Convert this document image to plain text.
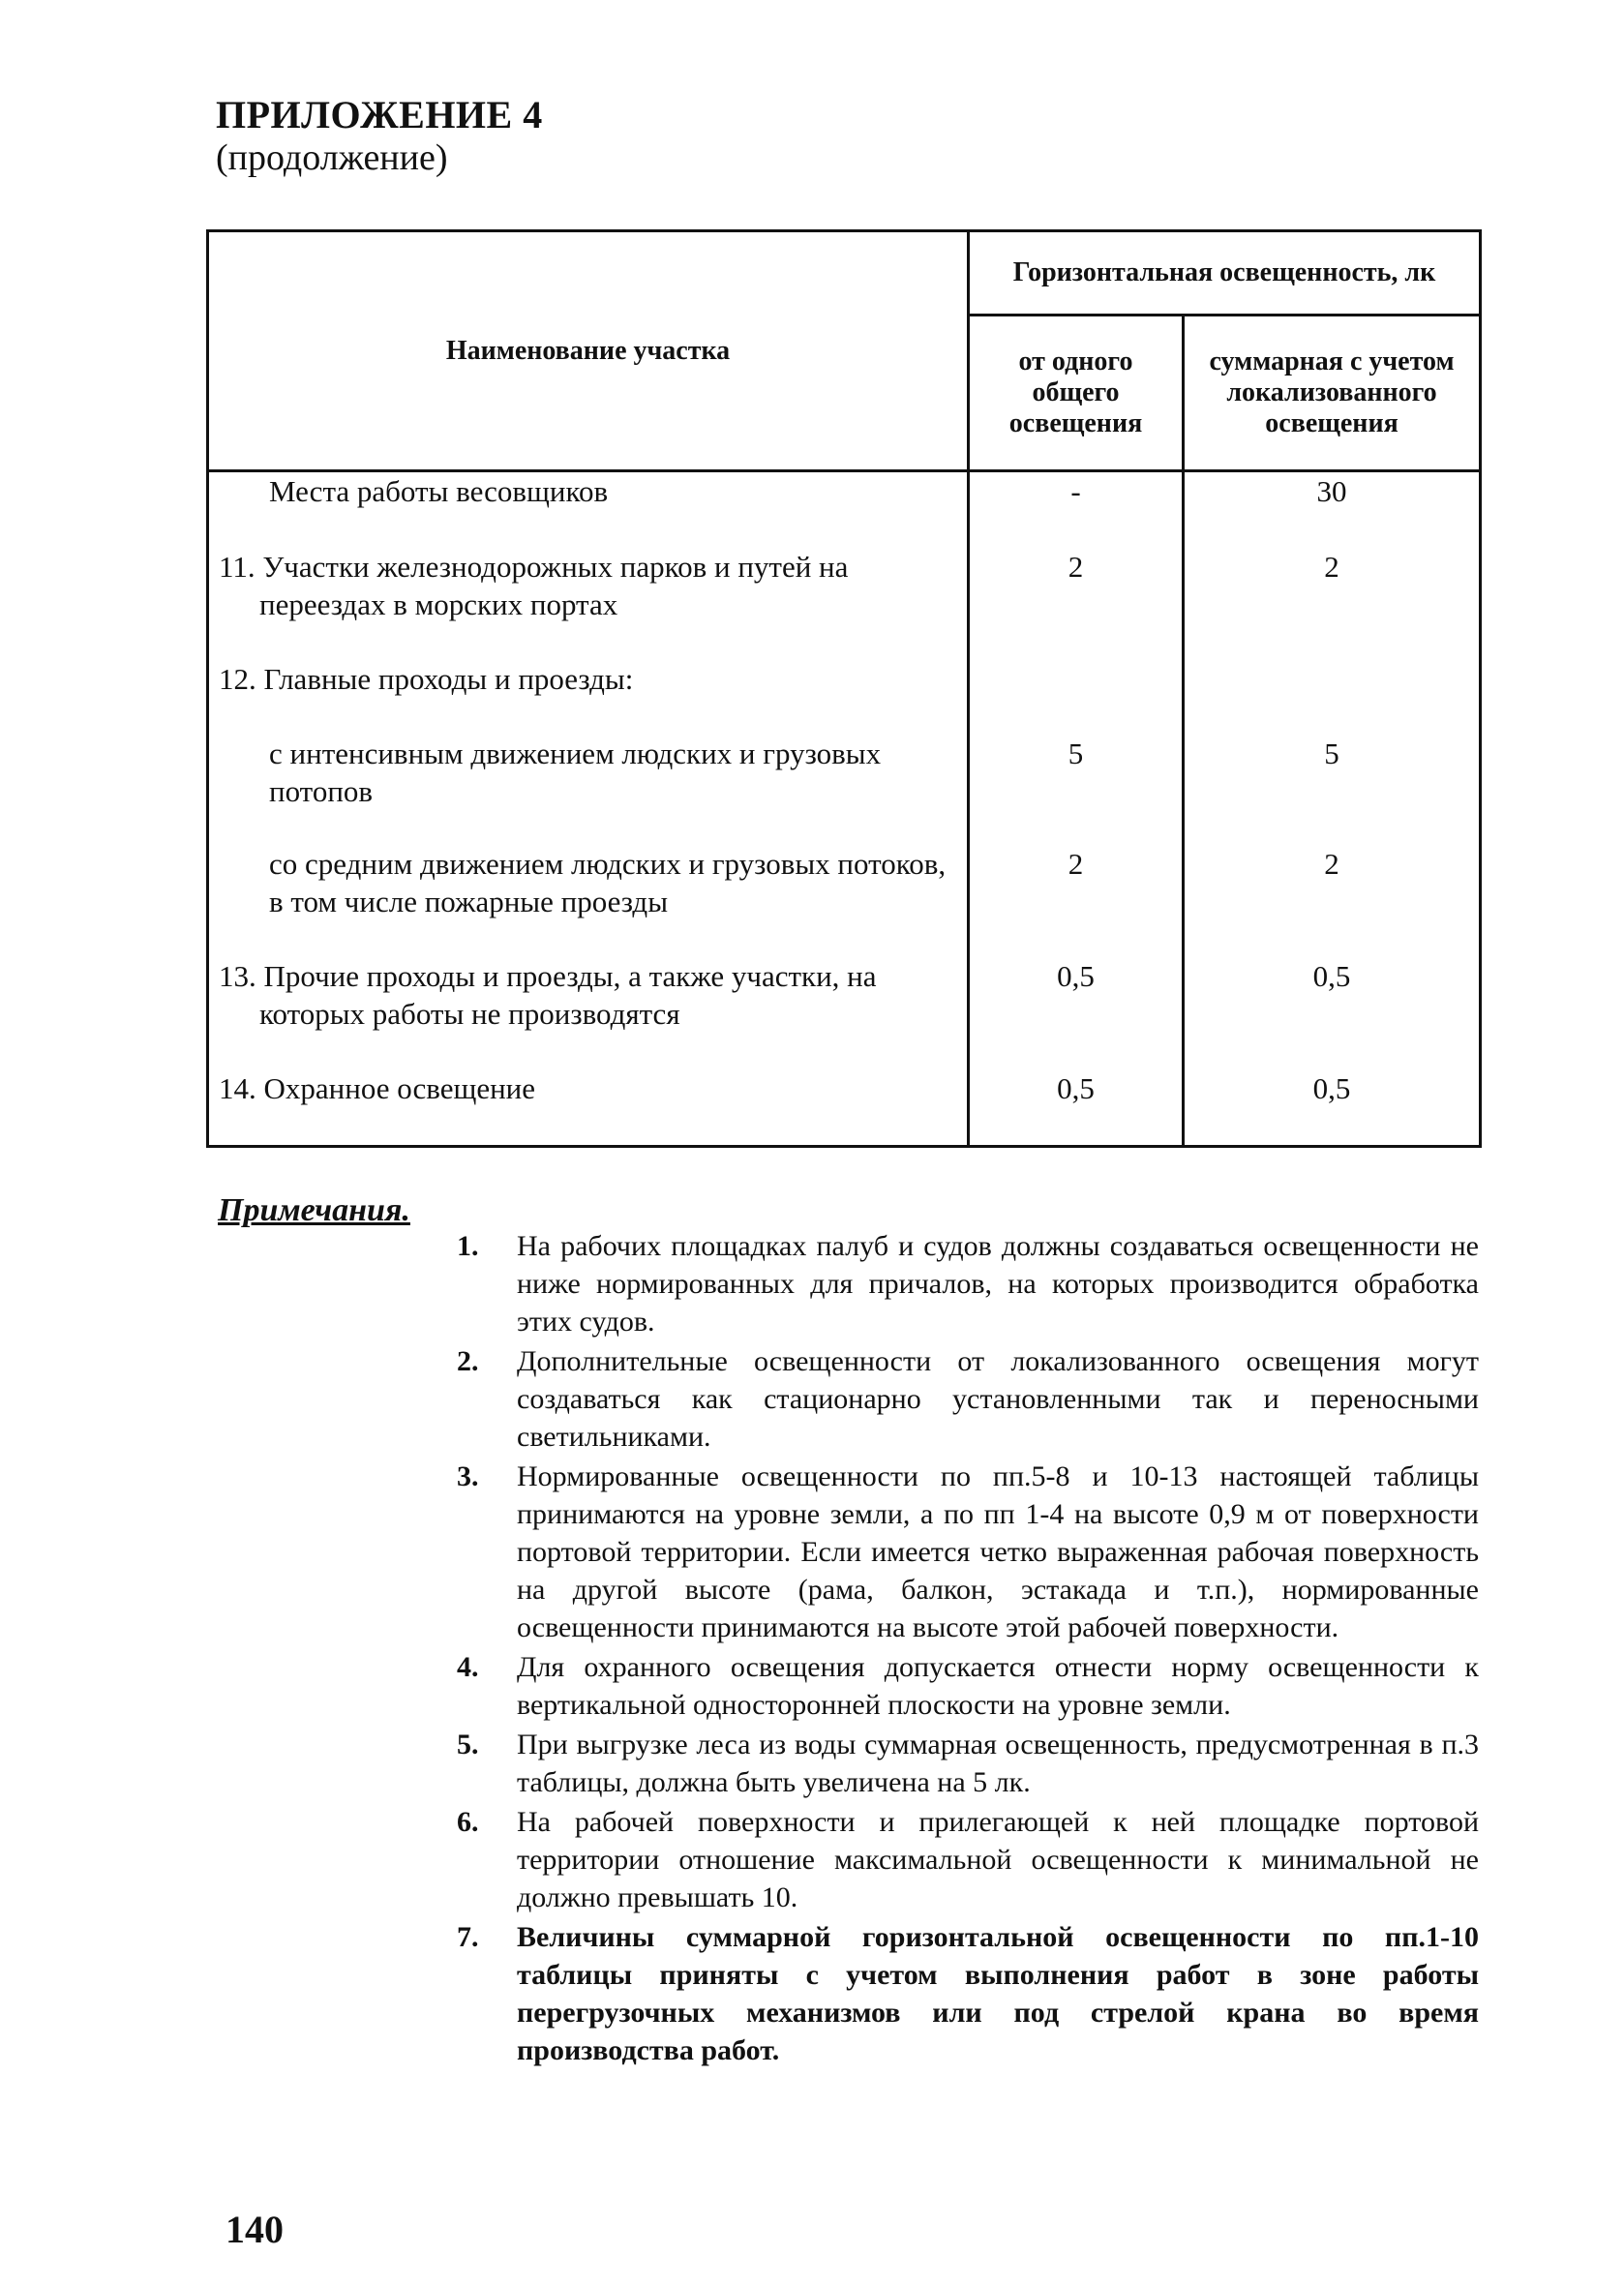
ПРИЛОЖЕНИЕ 4
(продолжение)
Наименование участка	Горизонтальная освещенность, лк	
	от одного общего освещения	суммарная с учетом локализованного освещения
Места работы весовщиков	-	30

11. Участки железнодорожных парков и путей на переездах в морских портах	2	2
12. Главные проходы и проезды:		
с интенсивным движением людских и грузовых потопов	5	5
со средним движением людских и грузовых потоков, в том числе пожарные проезды	2	2

13. Прочие проходы и проезды, а также участки, на которых работы не производятся	0,5	0,5
14. Охранное освещение	0,5	0,5
Примечания.
1. На рабочих площадках палуб и судов должны создаваться освещенности не ниже нормированных для причалов, на которых производится обработка этих судов.
2. Дополнительные освещенности от локализованного освещения могут создаваться как стационарно установленными так и переносными светильниками.
3. Нормированные освещенности по пп.5-8 и 10-13 настоящей таблицы принимаются на уровне земли, а по пп 1-4 на высоте 0,9 м от поверхности портовой территории. Если имеется четко выраженная рабочая поверхность на другой высоте (рама, балкон, эстакада и т.п.), нормированные освещенности принимаются на высоте этой рабочей поверхности.
4. Для охранного освещения допускается отнести норму освещенности к вертикальной односторонней плоскости на уровне земли.
5. При выгрузке леса из воды суммарная освещенность, предусмотренная в п.3 таблицы, должна быть увеличена на 5 лк.
6. На рабочей поверхности и прилегающей к ней площадке портовой территории отношение максимальной освещенности к минимальной не должно превышать 10.
7. Величины суммарной горизонтальной освещенности по пп.1-10 таблицы приняты с учетом выполнения работ в зоне работы перегрузочных механизмов или под стрелой крана во время производства работ.
140
